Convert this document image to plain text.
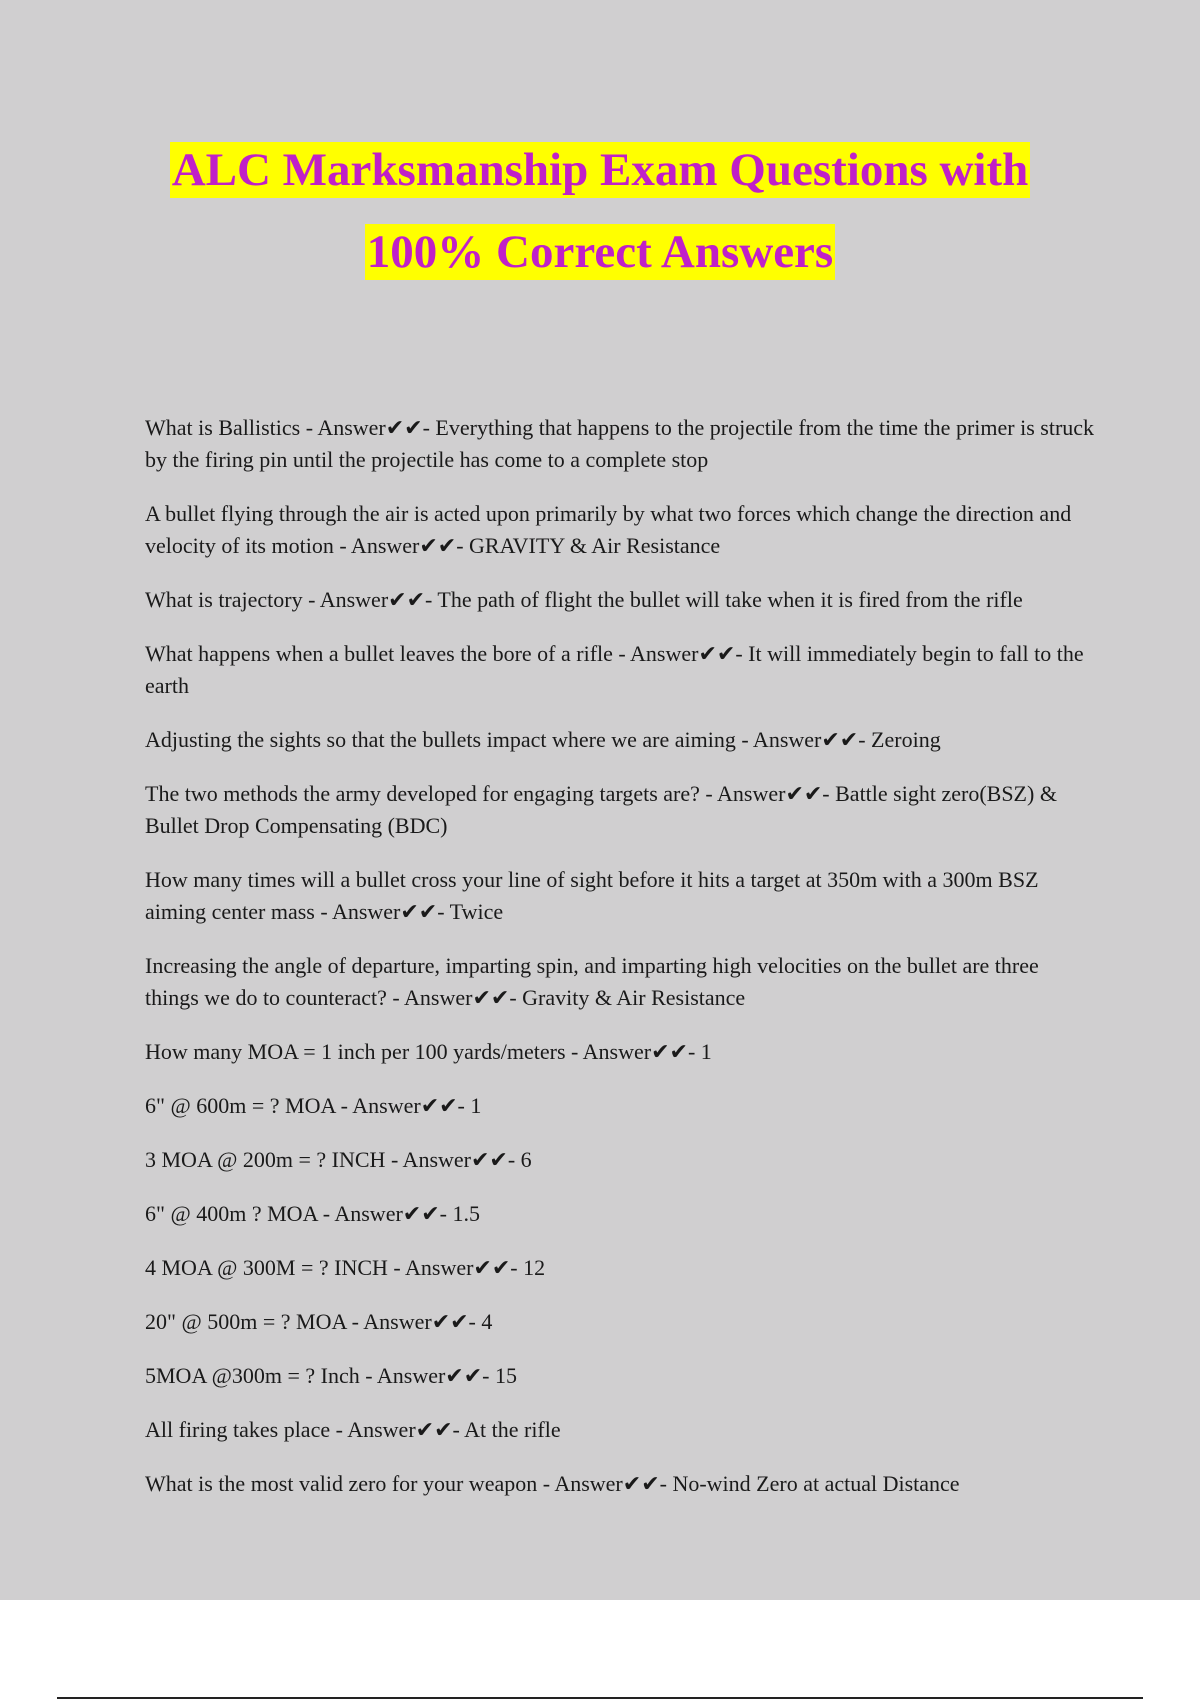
ALC Marksmanship Exam Questions with
100% Correct Answers

What is Ballistics - Answer✔✔- Everything that happens to the projectile from the time the primer is struck by the firing pin until the projectile has come to a complete stop

A bullet flying through the air is acted upon primarily by what two forces which change the direction and velocity of its motion - Answer✔✔- GRAVITY & Air Resistance

What is trajectory - Answer✔✔- The path of flight the bullet will take when it is fired from the rifle

What happens when a bullet leaves the bore of a rifle - Answer✔✔- It will immediately begin to fall to the earth

Adjusting the sights so that the bullets impact where we are aiming - Answer✔✔- Zeroing

The two methods the army developed for engaging targets are? - Answer✔✔- Battle sight zero(BSZ) & Bullet Drop Compensating (BDC)

How many times will a bullet cross your line of sight before it hits a target at 350m with a 300m BSZ aiming center mass - Answer✔✔- Twice

Increasing the angle of departure, imparting spin, and imparting high velocities on the bullet are three things we do to counteract? - Answer✔✔- Gravity & Air Resistance

How many MOA = 1 inch per 100 yards/meters - Answer✔✔- 1

6" @ 600m = ? MOA - Answer✔✔- 1

3 MOA @ 200m = ? INCH - Answer✔✔- 6

6" @ 400m ? MOA - Answer✔✔- 1.5

4 MOA @ 300M = ? INCH - Answer✔✔- 12

20" @ 500m = ? MOA - Answer✔✔- 4

5MOA @300m = ? Inch - Answer✔✔- 15

All firing takes place - Answer✔✔- At the rifle

What is the most valid zero for your weapon - Answer✔✔- No-wind Zero at actual Distance
